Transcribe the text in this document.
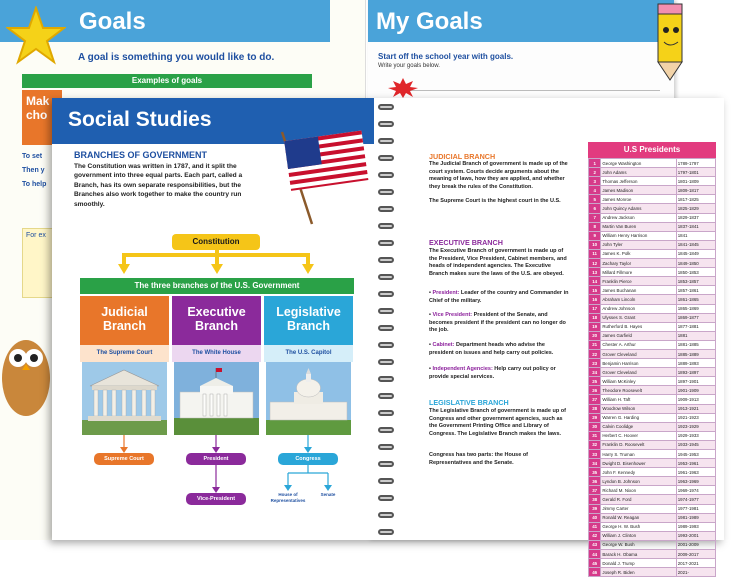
Goals
A goal is something you would like to do.
Examples of goals
Mak cho
To set
Then y
To help
For ex
My Goals
Start off the school year with goals.
Write your goals below.
Social Studies
BRANCHES OF GOVERNMENT
The Constitution was written in 1787, and it split the government into three equal parts. Each part, called a Branch, has its own separate responsibilities, but the Branches also work together to make the country run smoothly.
Constitution
The three branches of the U.S. Government
Judicial Branch
Executive Branch
Legislative Branch
The Supreme Court	The White House	The U.S. Capitol
Supreme Court	President
Vice-President
Congress
House of Representatives
Senate
JUDICIAL BRANCH
The Judicial Branch of government is made up of the court system. Courts decide arguments about the meaning of laws, how they are applied, and whether they break the rules of the Constitution.
The Supreme Court is the highest court in the U.S.
EXECUTIVE BRANCH
The Executive Branch of government is made up of the President, Vice President, Cabinet members, and heads of independent agencies. The Executive Branch makes sure the laws of the U.S. are obeyed.
• President: Leader of the country and Commander in Chief of the military.
• Vice President: President of the Senate, and becomes president if the president can no longer do the job.
• Cabinet: Department heads who advise the president on issues and help carry out policies.
• Independent Agencies: Help carry out policy or provide special services.
LEGISLATIVE BRANCH
The Legislative Branch of government is made up of Congress and other government agencies, such as the Government Printing Office and Library of Congress. The Legislative Branch makes the laws.
Congress has two parts: the House of Representatives and the Senate.
U.S Presidents
1	George Washington	1789-1797
2	John Adams	1797-1801
3	Thomas Jefferson	1801-1809
4	James Madison	1809-1817
5	James Monroe	1817-1825
6	John Quincy Adams	1825-1829
7	Andrew Jackson	1829-1837
8	Martin Van Buren	1837-1841
9	William Henry Harrison	1841
10	John Tyler	1841-1845
11	James K. Polk	1845-1849
12	Zachary Taylor	1849-1850
13	Millard Fillmore	1850-1853
14	Franklin Pierce	1853-1857
15	James Buchanan	1857-1861
16	Abraham Lincoln	1861-1865
17	Andrew Johnson	1865-1869
18	Ulysses S. Grant	1869-1877
19	Rutherford B. Hayes	1877-1881
20	James Garfield	1881
21	Chester A. Arthur	1881-1885
22	Grover Cleveland	1885-1889
23	Benjamin Harrison	1889-1893
24	Grover Cleveland	1893-1897
25	William McKinley	1897-1901
26	Theodore Roosevelt	1901-1909
27	William H. Taft	1909-1913
28	Woodrow Wilson	1913-1921
29	Warren G. Harding	1921-1923
30	Calvin Coolidge	1923-1929
31	Herbert C. Hoover	1929-1933
32	Franklin D. Roosevelt	1933-1945
33	Harry S. Truman	1945-1953
34	Dwight D. Eisenhower	1953-1961
35	John F. Kennedy	1961-1963
36	Lyndon B. Johnson	1963-1969
37	Richard M. Nixon	1969-1974
38	Gerald R. Ford	1974-1977
39	Jimmy Carter	1977-1981
40	Ronald W. Reagan	1981-1989
41	George H. W. Bush	1989-1993
42	William J. Clinton	1993-2001
43	George W. Bush	2001-2009
44	Barack H. Obama	2009-2017
45	Donald J. Trump	2017-2021
46	Joseph R. Biden	2021-
